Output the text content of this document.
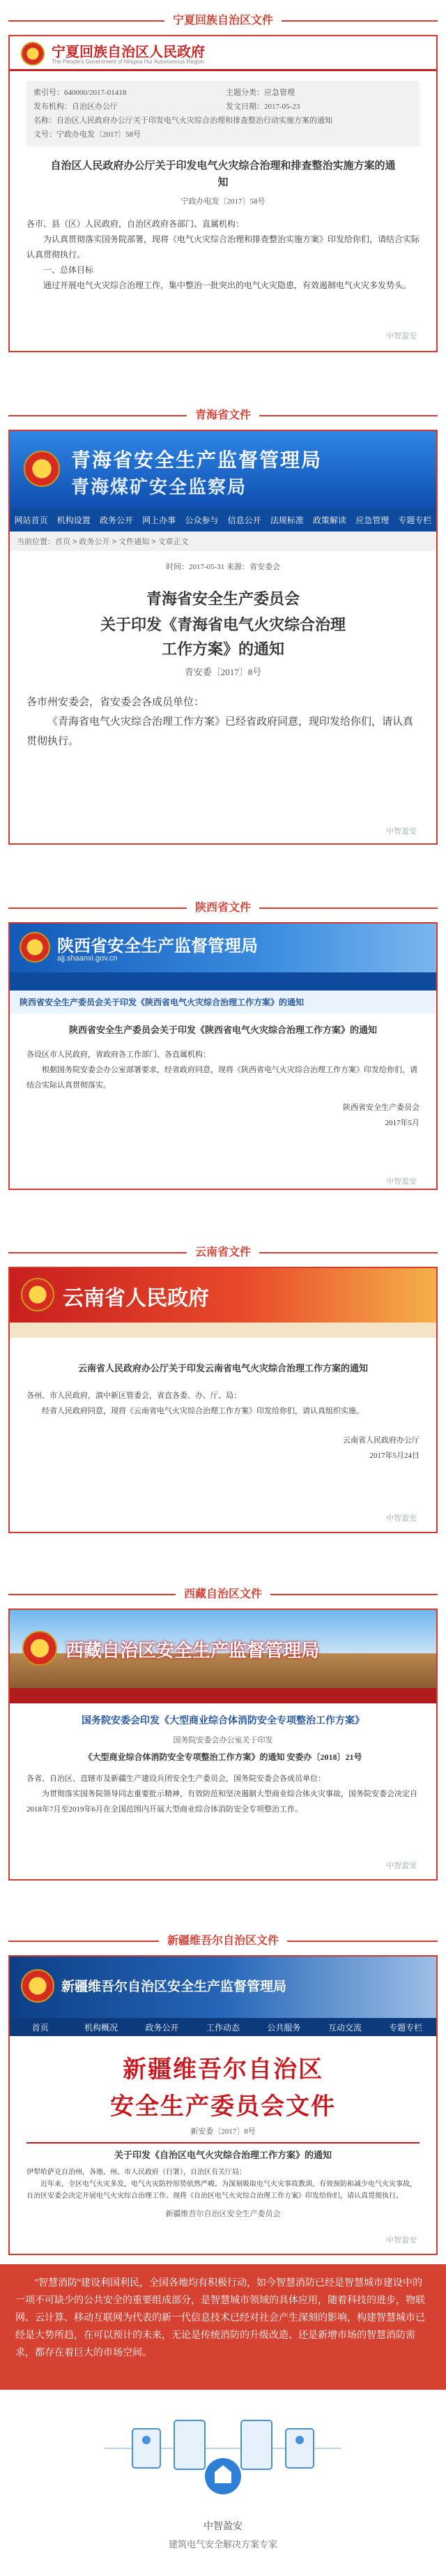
宁夏回族自治区文件
宁夏回族自治区人民政府
The People's Government of Ningxia Hui Autonomous Region
索引号：640000/2017-01418	主题分类：应急管理
发布机构：自治区办公厅	发文日期：2017-05-23
名称：自治区人民政府办公厅关于印发电气火灾综合治理和排查整治行动实施方案的通知
文号：宁政办电发〔2017〕58号
自治区人民政府办公厅关于印发电气火灾综合治理和排查整治实施方案的通知
宁政办电发〔2017〕58号
各市、县（区）人民政府，自治区政府各部门、直属机构：
为认真贯彻落实国务院部署，现将《电气火灾综合治理和排查整治实施方案》印发给你们，请结合实际认真贯彻执行。
一、总体目标
通过开展电气火灾综合治理工作，集中整治一批突出的电气火灾隐患，有效遏制电气火灾多发势头。
中智盈安
青海省文件
青海省安全生产监督管理局
青海煤矿安全监察局
网站首页	机构设置	政务公开	网上办事	公众参与	信息公开	法规标准	政策解读	应急管理	专题专栏
当前位置：首页 > 政务公开 > 文件通知 > 文章正文
时间：2017-05-31 来源：省安委会
青海省安全生产委员会
关于印发《青海省电气火灾综合治理
工作方案》的通知
青安委〔2017〕8号
各市州安委会，省安委会各成员单位：
《青海省电气火灾综合治理工作方案》已经省政府同意，现印发给你们，请认真贯彻执行。
中智盈安
陕西省文件
陕西省安全生产监督管理局
ajj.shaanxi.gov.cn
陕西省安全生产委员会关于印发《陕西省电气火灾综合治理工作方案》的通知
陕西省安全生产委员会关于印发《陕西省电气火灾综合治理工作方案》的通知
各设区市人民政府，省政府各工作部门、各直属机构：
根据国务院安委会办公室部署要求，经省政府同意，现将《陕西省电气火灾综合治理工作方案》印发给你们，请结合实际认真贯彻落实。
陕西省安全生产委员会
2017年5月
中智盈安
云南省文件
云南省人民政府
云南省人民政府办公厅关于印发云南省电气火灾综合治理工作方案的通知
各州、市人民政府，滇中新区管委会，省直各委、办、厅、局：
经省人民政府同意，现将《云南省电气火灾综合治理工作方案》印发给你们，请认真组织实施。
云南省人民政府办公厅
2017年5月24日
中智盈安
西藏自治区文件
西藏自治区安全生产监督管理局
国务院安委会印发《大型商业综合体消防安全专项整治工作方案》
国务院安委会办公室关于印发
《大型商业综合体消防安全专项整治工作方案》的通知 安委办〔2018〕21号
各省、自治区、直辖市及新疆生产建设兵团安全生产委员会，国务院安委会各成员单位：
为贯彻落实国务院领导同志重要批示精神，有效防范和坚决遏制大型商业综合体火灾事故，国务院安委会决定自2018年7月至2019年6月在全国范围内开展大型商业综合体消防安全专项整治工作。
中智盈安
新疆维吾尔自治区文件
新疆维吾尔自治区安全生产监督管理局
首页	机构概况	政务公开	工作动态	公共服务	互动交流	专题专栏
新疆维吾尔自治区
安全生产委员会文件
新安委〔2017〕8号
关于印发《自治区电气火灾综合治理工作方案》的通知
伊犁哈萨克自治州，各地、州、市人民政府（行署），自治区有关厅局：
近年来，全区电气火灾多发，电气火灾防控形势依然严峻。为深刻吸取电气火灾事故教训，有效预防和减少电气火灾事故，自治区安委会决定开展电气火灾综合治理工作。现将《自治区电气火灾综合治理工作方案》印发给你们，请认真贯彻执行。
新疆维吾尔自治区安全生产委员会
中智盈安
"智慧消防"建设利国利民，全国各地均有积极行动，如今智慧消防已经是智慧城市建设中的一项不可缺少的公共安全的重要组成部分，是智慧城市领域的具体应用，随着科技的进步，物联网、云计算、移动互联网为代表的新一代信息技术已经对社会产生深刻的影响，构建智慧城市已经是大势所趋，在可以预计的未来，无论是传统消防的升级改造、还是新增市场的智慧消防需求，都存在着巨大的市场空间。
中智盈安
建筑电气安全解决方案专家
